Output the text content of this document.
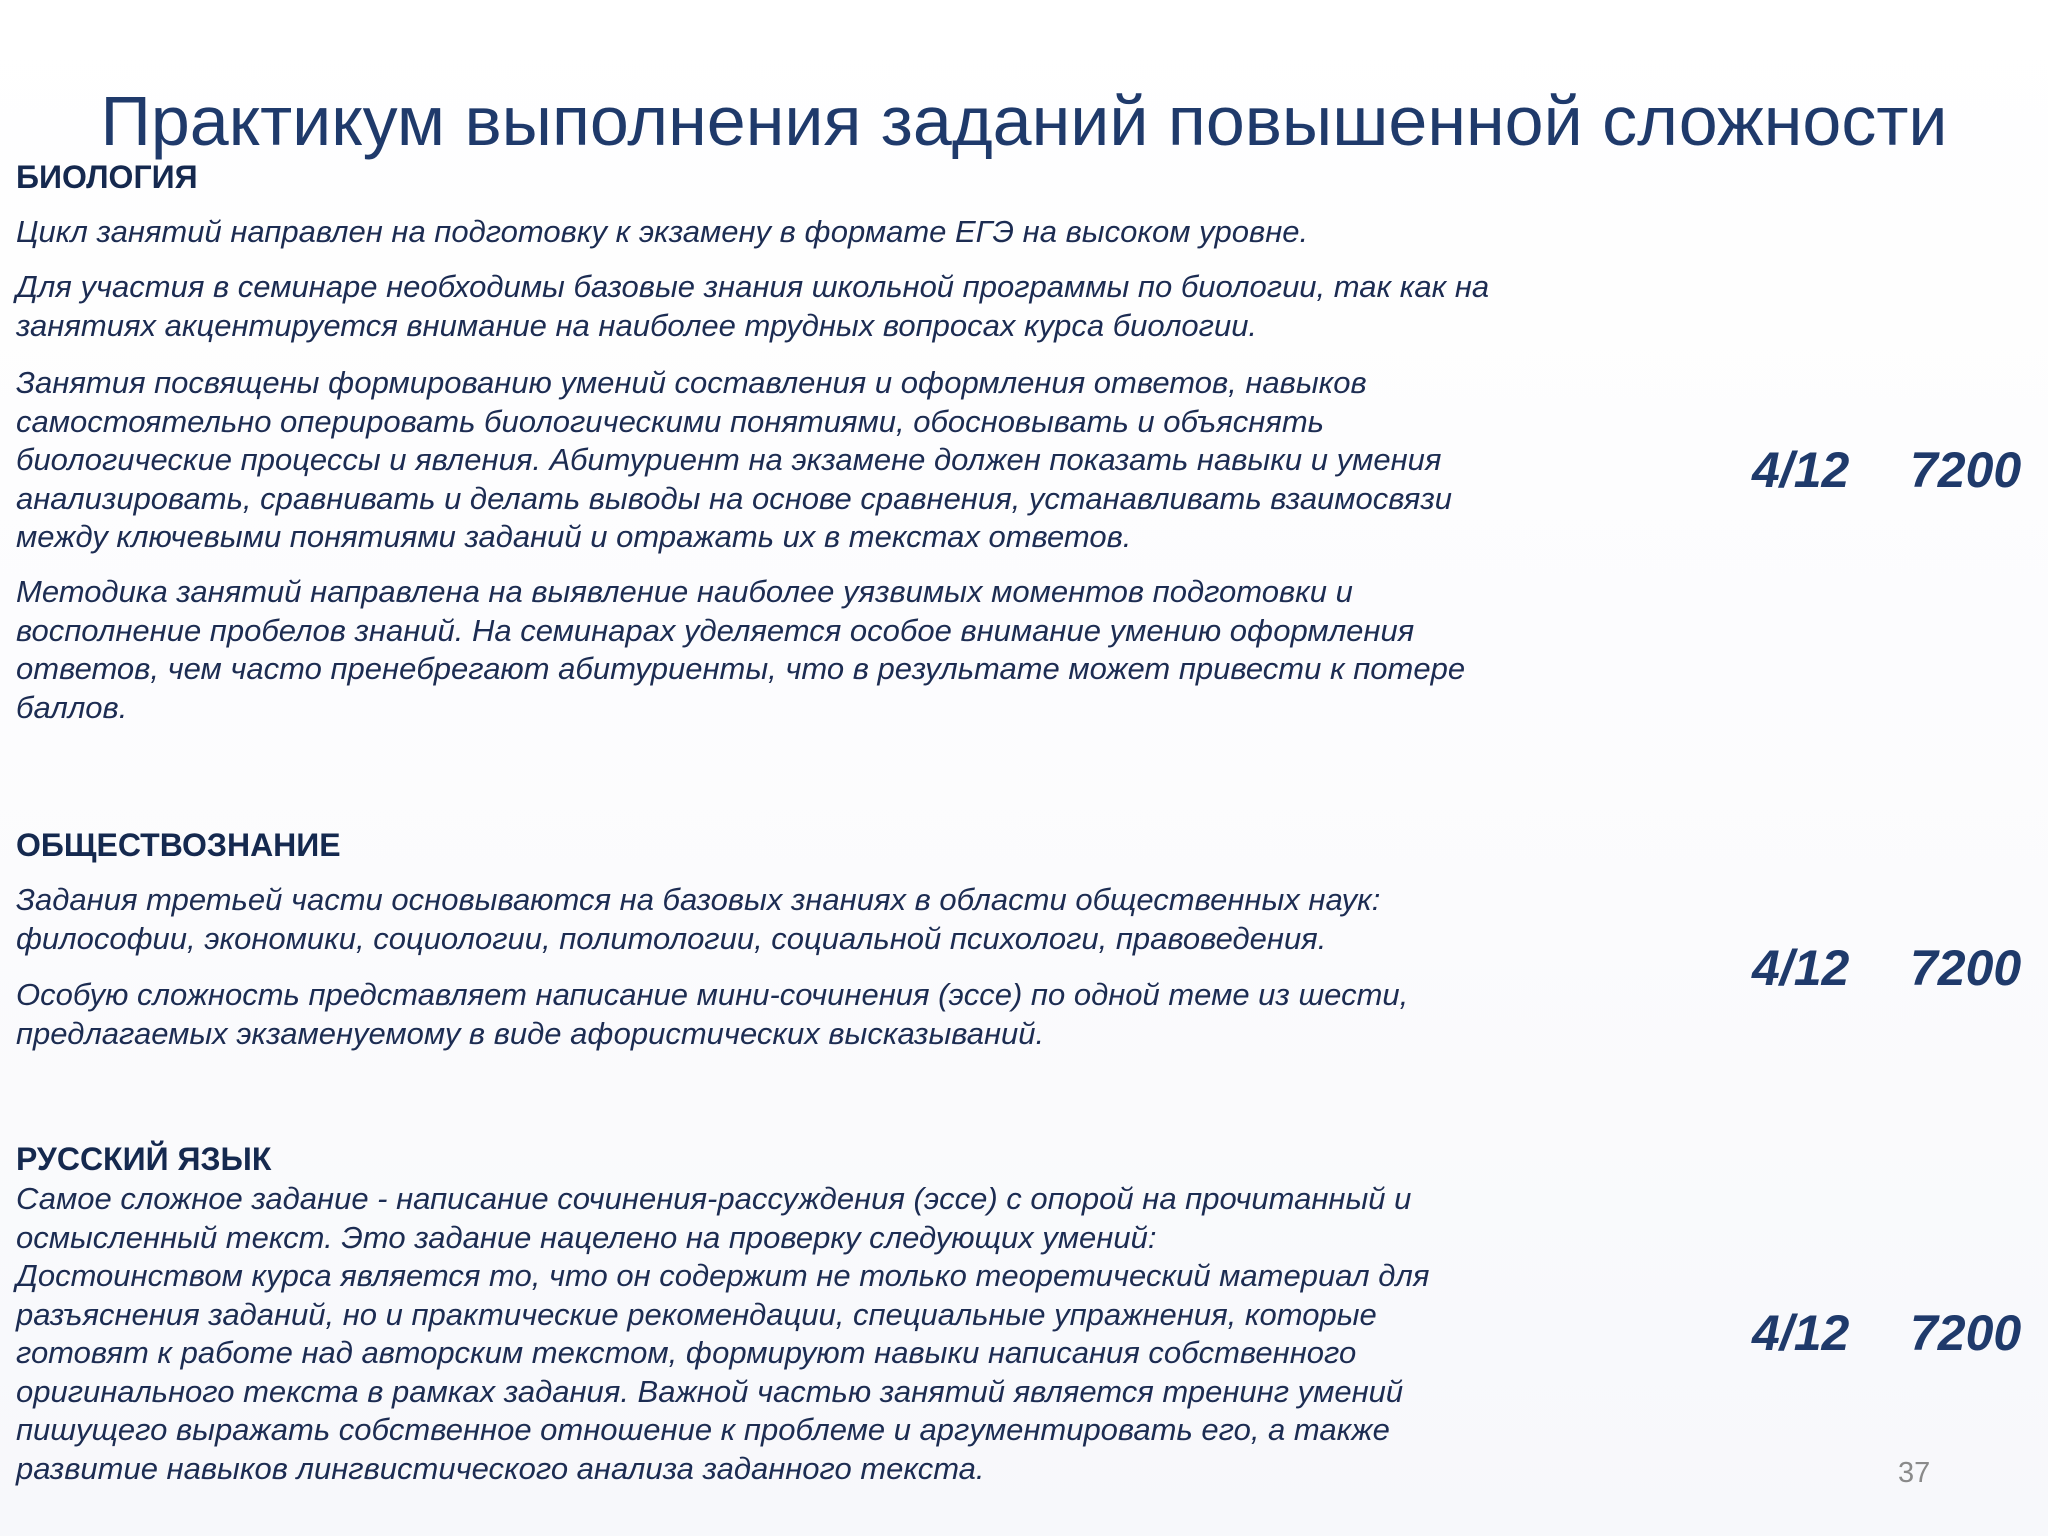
Практикум выполнения заданий повышенной сложности
БИОЛОГИЯ

Цикл занятий направлен на подготовку к экзамену в формате ЕГЭ на высоком уровне.

Для участия в семинаре необходимы базовые знания школьной программы по биологии, так как на
занятиях акцентируется внимание на наиболее трудных вопросах курса биологии.

Занятия посвящены формированию умений составления и оформления ответов, навыков
самостоятельно оперировать биологическими понятиями, обосновывать и объяснять
биологические процессы и явления. Абитуриент на экзамене должен показать навыки и умения
анализировать, сравнивать и делать выводы на основе сравнения, устанавливать взаимосвязи
между ключевыми понятиями заданий и отражать их в текстах ответов.

Методика занятий направлена на выявление наиболее уязвимых моментов подготовки и
восполнение пробелов знаний. На семинарах уделяется особое внимание умению оформления
ответов, чем часто пренебрегают абитуриенты, что в результате может привести к потере
баллов.

4/12 7200
ОБЩЕСТВОЗНАНИЕ

Задания третьей части основываются на базовых знаниях в области общественных наук:
философии, экономики, социологии, политологии, социальной психологи, правоведения.

Особую сложность представляет написание мини-сочинения (эссе) по одной теме из шести,
предлагаемых экзаменуемому в виде афористических высказываний.

4/12 7200
РУССКИЙ ЯЗЫК

Самое сложное задание - написание сочинения-рассуждения (эссе) с опорой на прочитанный и
осмысленный текст. Это задание нацелено на проверку следующих умений:
Достоинством курса является то, что он содержит не только теоретический материал для
разъяснения заданий, но и практические рекомендации, специальные упражнения, которые
готовят к работе над авторским текстом, формируют навыки написания собственного
оригинального текста в рамках задания. Важной частью занятий является тренинг умений
пишущего выражать собственное отношение к проблеме и аргументировать его, а также
развитие навыков лингвистического анализа заданного текста.

4/12 7200
37
